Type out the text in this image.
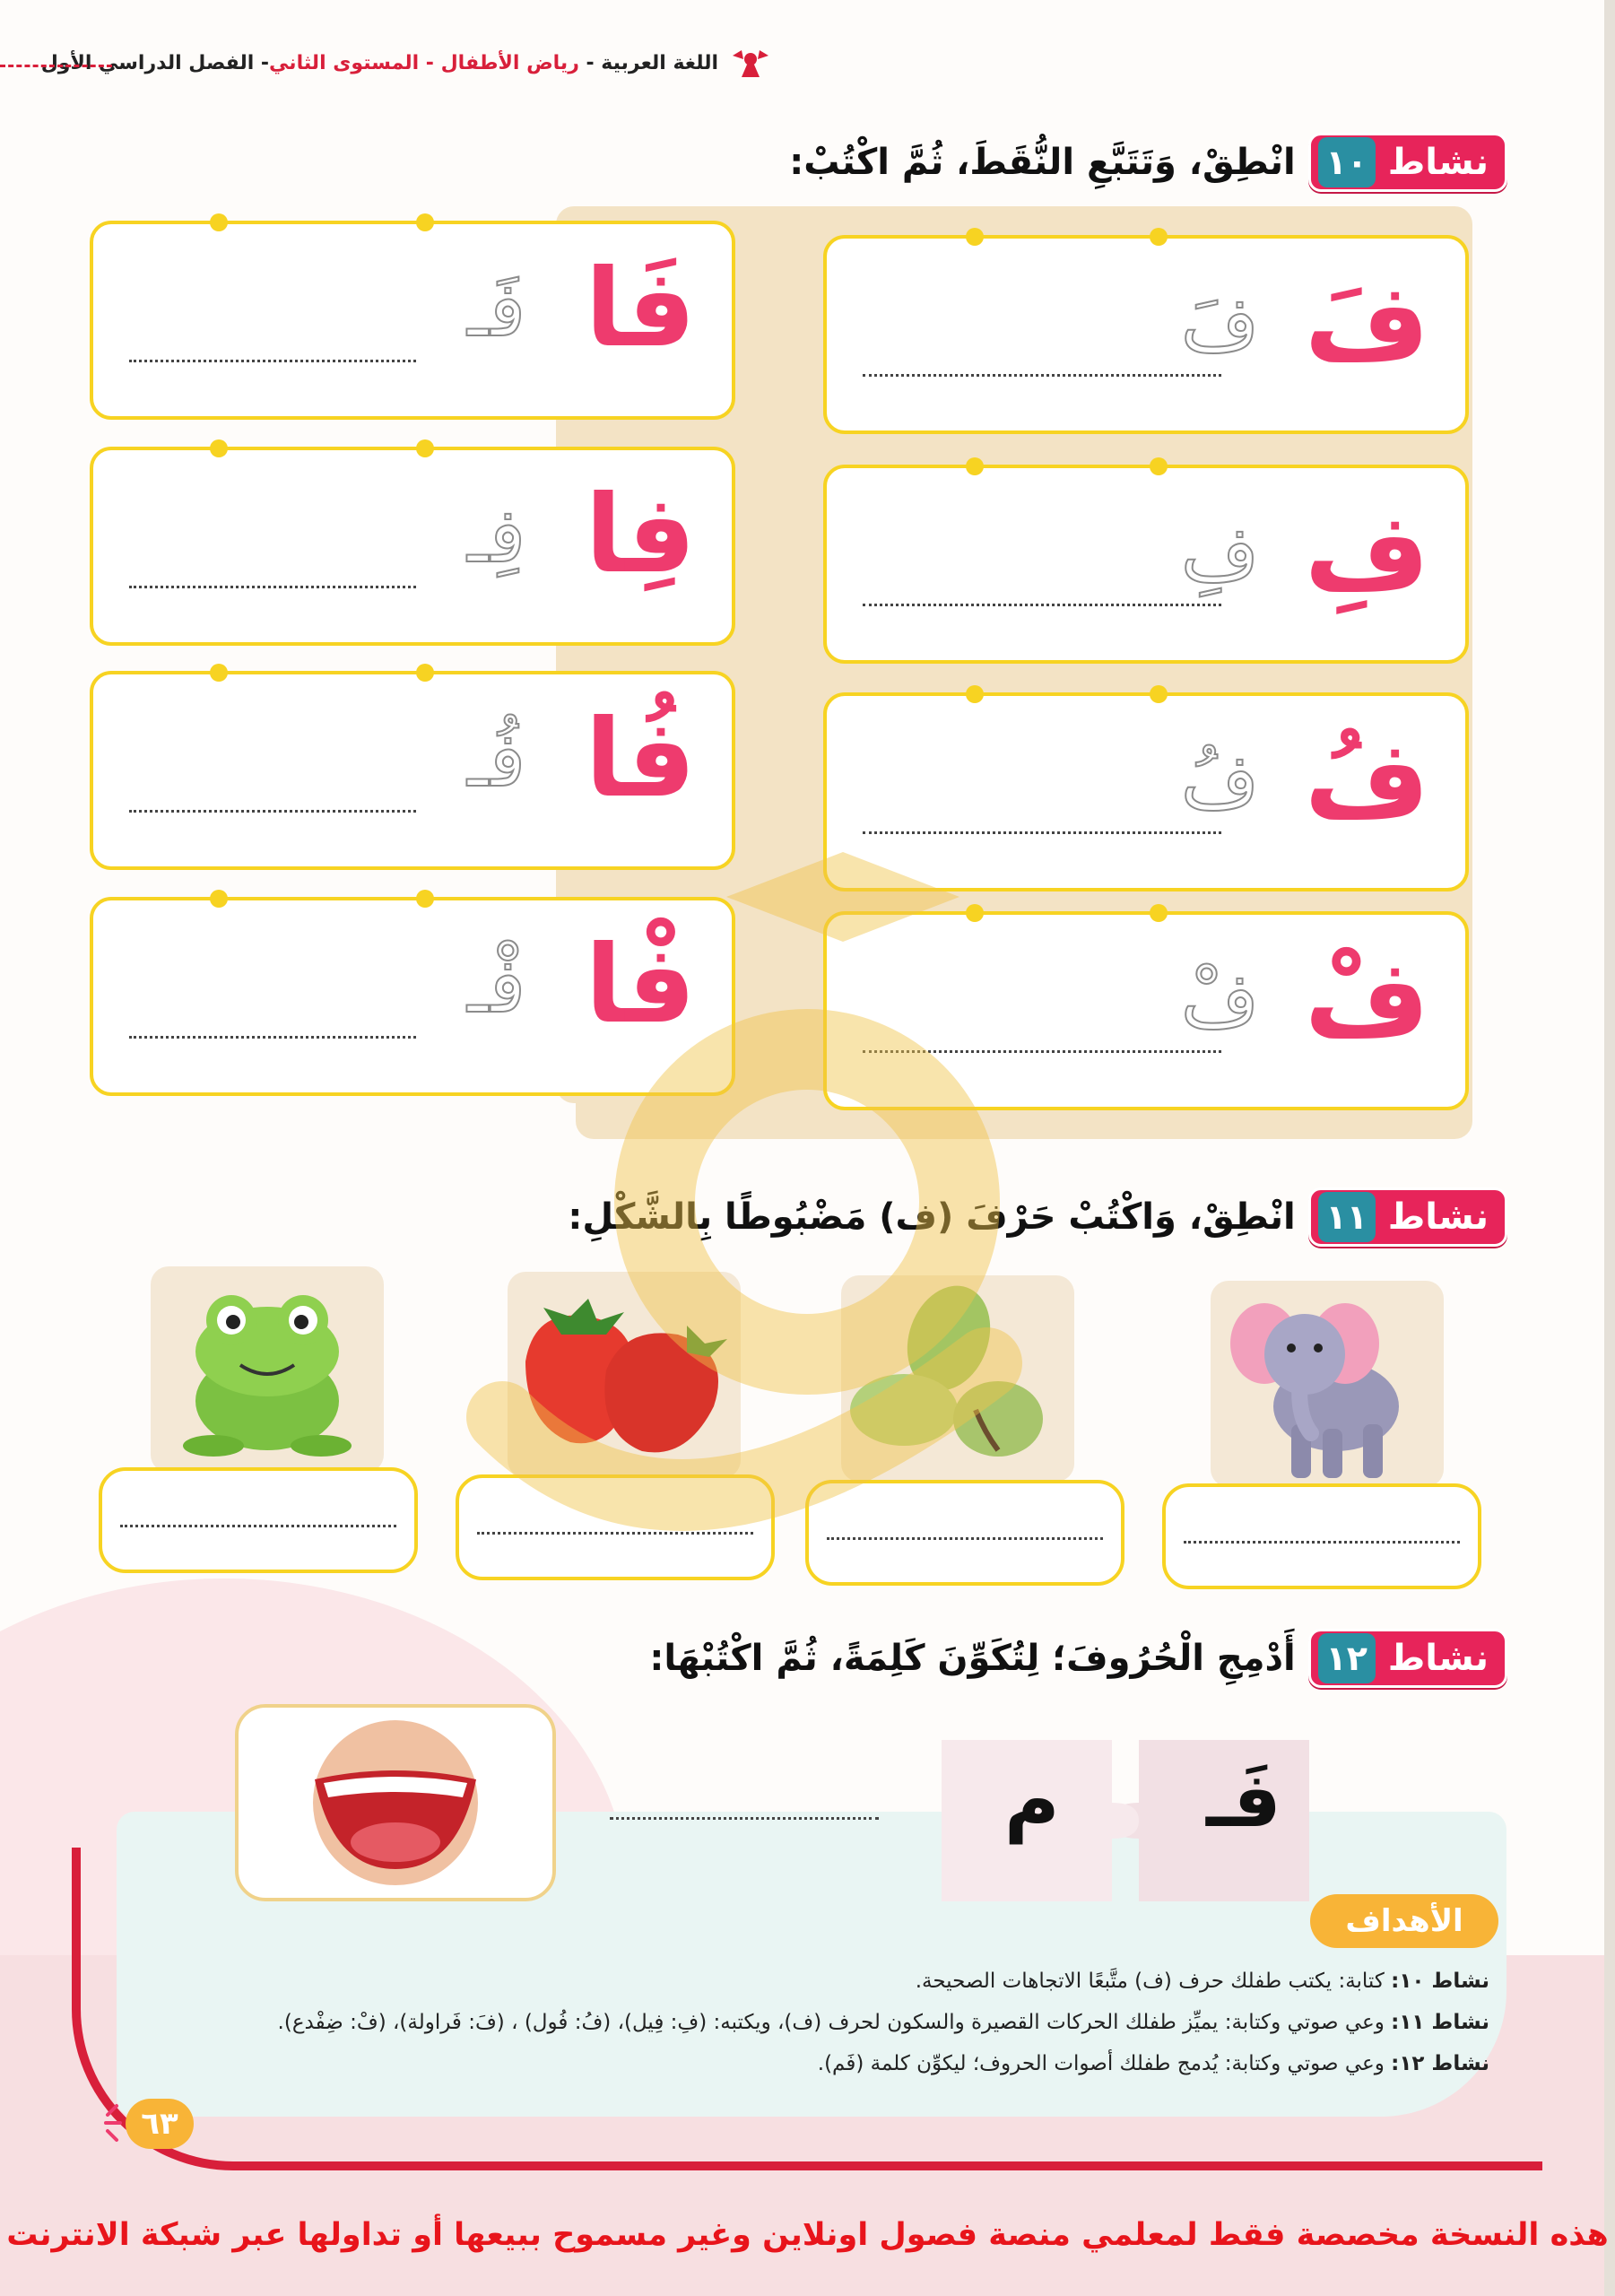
اللغة العربية - رياض الأطفال - المستوى الثاني- الفصل الدراسي الأول
نشاط
١٠
انْطِقْ، وَتَتَبَّعِ النُّقَطَ، ثُمَّ اكْتُبْ:
فَ
فَ
فِ
فِ
فُ
فُ
فْ
فْ
فَا
فَـ
فِا
فِـ
فُا
فُـ
فْا
فْـ
نشاط
١١
انْطِقْ، وَاكْتُبْ حَرْفَ (ف) مَضْبُوطًا بِالشَّكْلِ:
نشاط
١٢
أَدْمِجِ الْحُرُوفَ؛ لِتُكَوِّنَ كَلِمَةً، ثُمَّ اكْتُبْهَا:
فَـ
م
الأهداف
نشاط ١٠: كتابة: يكتب طفلك حرف (ف) متَّبعًا الاتجاهات الصحيحة.
نشاط ١١: وعي صوتي وكتابة: يميِّز طفلك الحركات القصيرة والسكون لحرف (ف)، ويكتبه: (فِ: فِيل)، (فُ: فُول) ، (فَ: فَراولة)، (فْ: ضِفْدع).
نشاط ١٢: وعي صوتي وكتابة: يُدمج طفلك أصوات الحروف؛ ليكوِّن كلمة (فَم).
٦٣
هذه النسخة مخصصة فقط لمعلمي منصة فصول اونلاين وغير مسموح ببيعها أو تداولها عبر شبكة الانترنت
